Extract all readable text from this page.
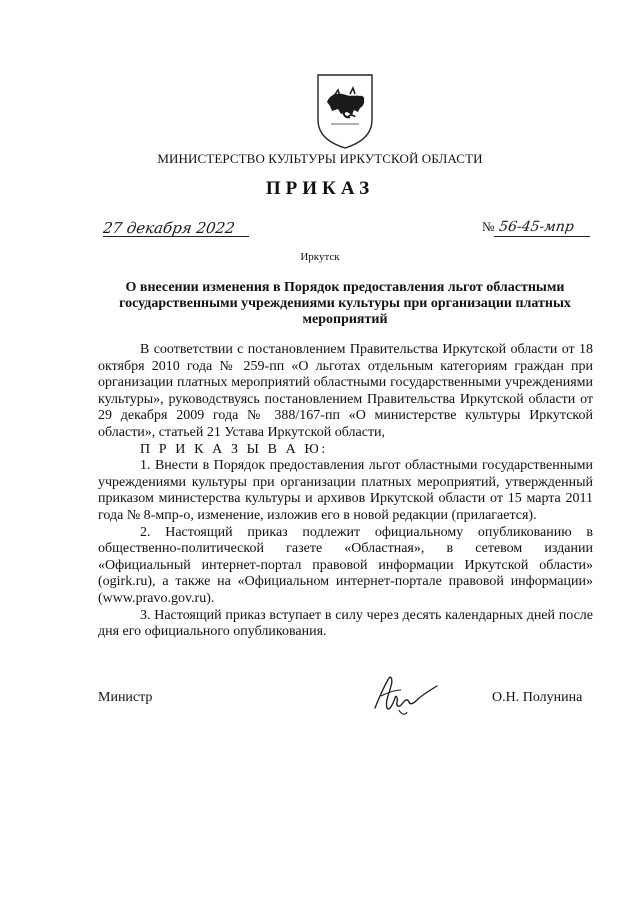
МИНИСТЕРСТВО КУЛЬТУРЫ ИРКУТСКОЙ ОБЛАСТИ
ПРИКАЗ
27 декабря 2022	№ 56-45-мпр
Иркутск
О внесении изменения в Порядок предоставления льгот областными
государственными учреждениями культуры при организации платных
мероприятий

В соответствии с постановлением Правительства Иркутской области от 18 октября 2010 года № 259-пп «О льготах отдельным категориям граждан при организации платных мероприятий областными государственными учреждениями культуры», руководствуясь постановлением Правительства Иркутской области от 29 декабря 2009 года № 388/167-пп «О министерстве культуры Иркутской области», статьей 21 Устава Иркутской области,

П Р И К А З Ы В А Ю:

1. Внести в Порядок предоставления льгот областными государственными учреждениями культуры при организации платных мероприятий, утвержденный приказом министерства культуры и архивов Иркутской области от 15 марта 2011 года № 8-мпр-о, изменение, изложив его в новой редакции (прилагается).

2. Настоящий приказ подлежит официальному опубликованию в общественно-политической газете «Областная», в сетевом издании «Официальный интернет-портал правовой информации Иркутской области» (ogirk.ru), а также на «Официальном интернет-портале правовой информации» (www.pravo.gov.ru).

3. Настоящий приказ вступает в силу через десять календарных дней после дня его официального опубликования.

Министр	О.Н. Полунина
